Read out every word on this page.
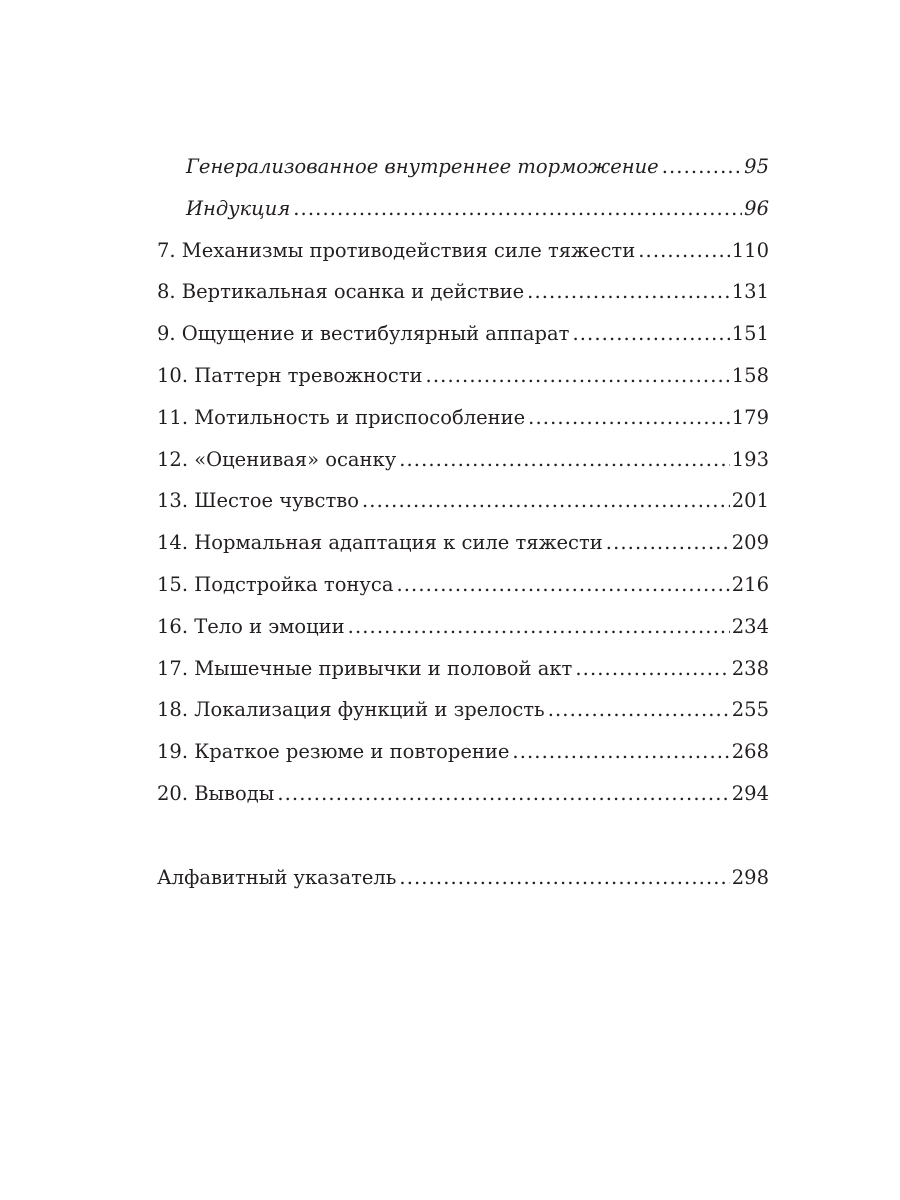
Генерализованное внутреннее торможение .....	95
Индукция .....	96
7. Механизмы противодействия силе тяжести .....	110
8. Вертикальная осанка и действие .....	131
9. Ощущение и вестибулярный аппарат .....	151
10. Паттерн тревожности .....	158
11. Мотильность и приспособление .....	179
12. «Оценивая» осанку .....	193
13. Шестое чувство .....	201
14. Нормальная адаптация к силе тяжести .....	209
15. Подстройка тонуса .....	216
16. Тело и эмоции .....	234
17. Мышечные привычки и половой акт .....	238
18. Локализация функций и зрелость .....	255
19. Краткое резюме и повторение .....	268
20. Выводы .....	294
Алфавитный указатель .....	298
